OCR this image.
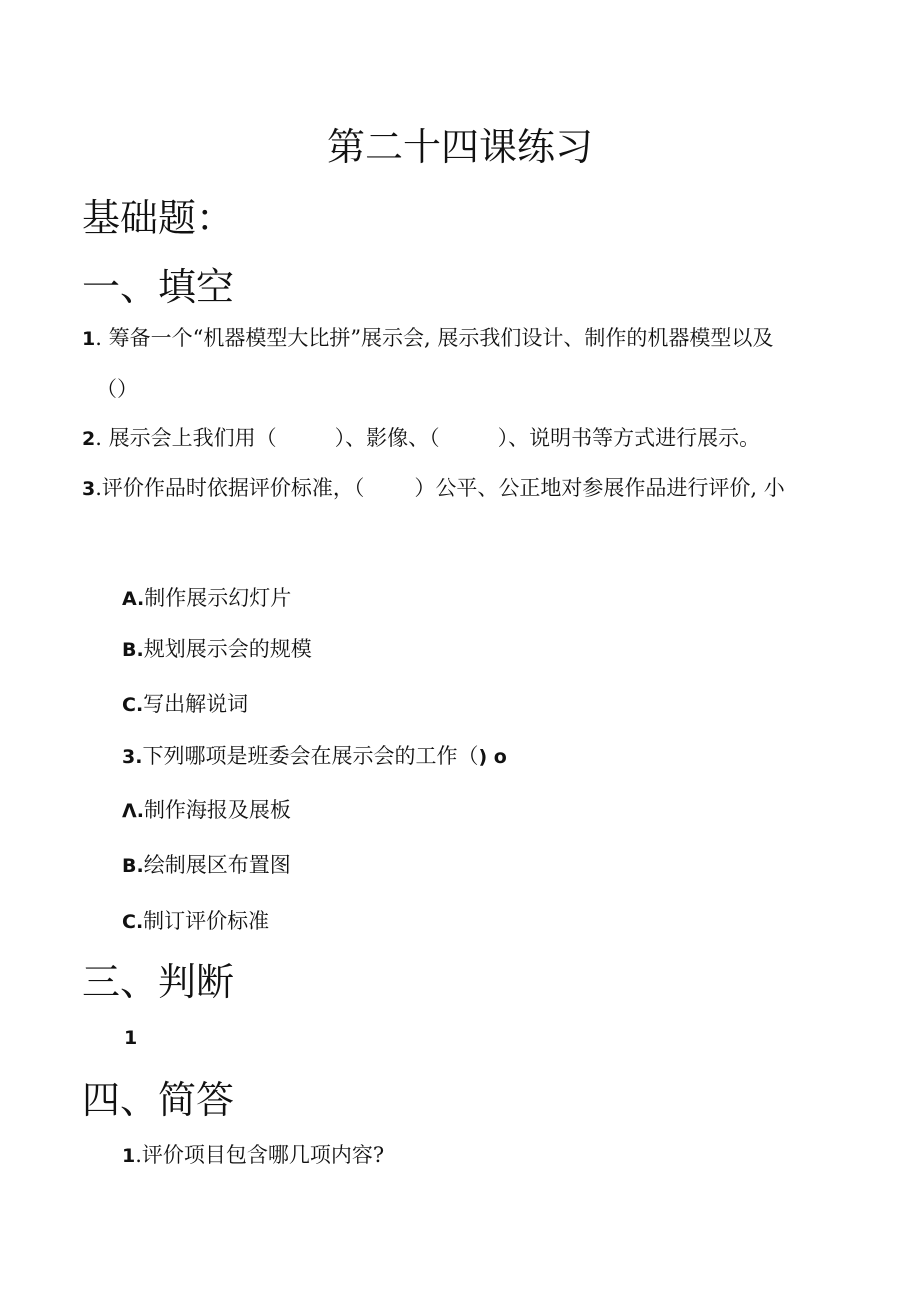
第二十四课练习
基础题：
一、填空
1. 筹备一个“机器模型大比拼”展示会, 展示我们设计、制作的机器模型以及
（）
2. 展示会上我们用（	）、影像、（	）、说明书等方式进行展示。
3.评价作品时依据评价标准，（ ）公平、公正地对参展作品进行评价, 小
A.制作展示幻灯片
B.规划展示会的规模
C.写出解说词
3.下列哪项是班委会在展示会的工作（) o
Λ.制作海报及展板
B.绘制展区布置图
C.制订评价标准
三、判断
1
四、简答
1.评价项目包含哪几项内容?
